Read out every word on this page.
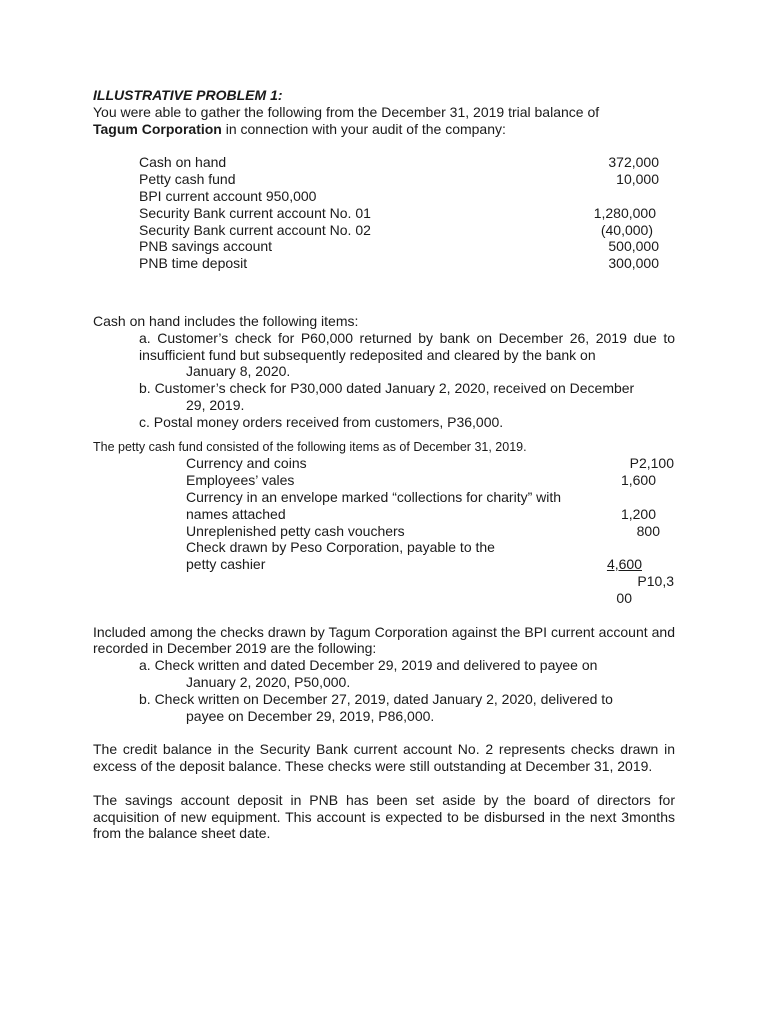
ILLUSTRATIVE PROBLEM 1:

You were able to gather the following from the December 31, 2019 trial balance of
Tagum Corporation in connection with your audit of the company:

Cash on hand	372,000
Petty cash fund	10,000
BPI current account 950,000
Security Bank current account No. 01	1,280,000
Security Bank current account No. 02	(40,000)
PNB savings account	500,000
PNB time deposit	300,000

Cash on hand includes the following items:

a. Customer’s check for P60,000 returned by bank on December 26, 2019 due to insufficient fund but subsequently redeposited and cleared by the bank on

January 8, 2020.

b. Customer’s check for P30,000 dated January 2, 2020, received on December

29, 2019.

c. Postal money orders received from customers, P36,000.

The petty cash fund consisted of the following items as of December 31, 2019.

Currency and coins	P2,100
Employees’ vales	1,600
Currency in an envelope marked “collections for charity” with
names attached	1,200
Unreplenished petty cash vouchers	800
Check drawn by Peso Corporation, payable to the
petty cashier	4,600
P10,3
00

Included among the checks drawn by Tagum Corporation against the BPI current account and recorded in December 2019 are the following:

a. Check written and dated December 29, 2019 and delivered to payee on

January 2, 2020, P50,000.

b. Check written on December 27, 2019, dated January 2, 2020, delivered to

payee on December 29, 2019, P86,000.

The credit balance in the Security Bank current account No. 2 represents checks drawn in excess of the deposit balance. These checks were still outstanding at December 31, 2019.

The savings account deposit in PNB has been set aside by the board of directors for acquisition of new equipment. This account is expected to be disbursed in the next 3months from the balance sheet date.
